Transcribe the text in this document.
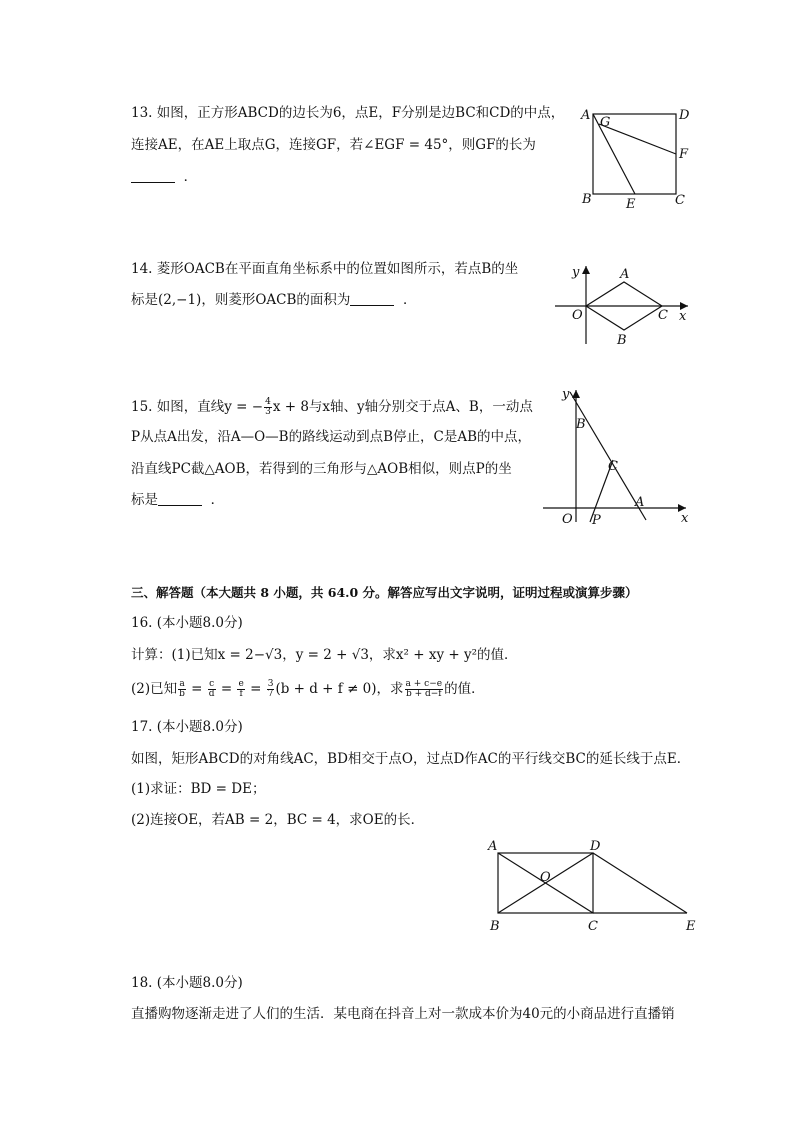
13. 如图，正方形ABCD的边长为6，点E，F分别是边BC和CD的中点，
连接AE，在AE上取点G，连接GF，若∠EGF = 45°，则GF的长为
．
A	D
G
F
B	E	C
14. 菱形OACB在平面直角坐标系中的位置如图所示，若点B的坐
标是(2,−1)，则菱形OACB的面积为	．
y
x
O
A
C
B
15. 如图，直线y = − $\frac{4}{3}$ x + 8与x轴、y轴分别交于点A、B，一动点
P从点A出发，沿A—O—B的路线运动到点B停止，C是AB的中点，
沿直线PC截△AOB，若得到的三角形与△AOB相似，则点P的坐
标是	．
y
x
O
B
C
A
P
三、解答题（本大题共 8 小题，共 64.0 分。解答应写出文字说明，证明过程或演算步骤）
16. (本小题8.0分)
计算：(1)已知x = 2−√3，y = 2 + √3，求x² + xy + y²的值．
(2)已知 $\frac{a}{b} = \frac{c}{d} = \frac{e}{f} = \frac{3}{7} (b + d + f \ne 0)$，求 $\frac{a + c-e}{b + d-f}$ 的值．
17. (本小题8.0分)
如图，矩形ABCD的对角线AC，BD相交于点O，过点D作AC的平行线交BC的延长线于点E．
(1)求证：BD = DE；
(2)连接OE，若AB = 2，BC = 4，求OE的长．
A	D
O
B	C	E
18. (本小题8.0分)
直播购物逐渐走进了人们的生活．某电商在抖音上对一款成本价为40元的小商品进行直播销
